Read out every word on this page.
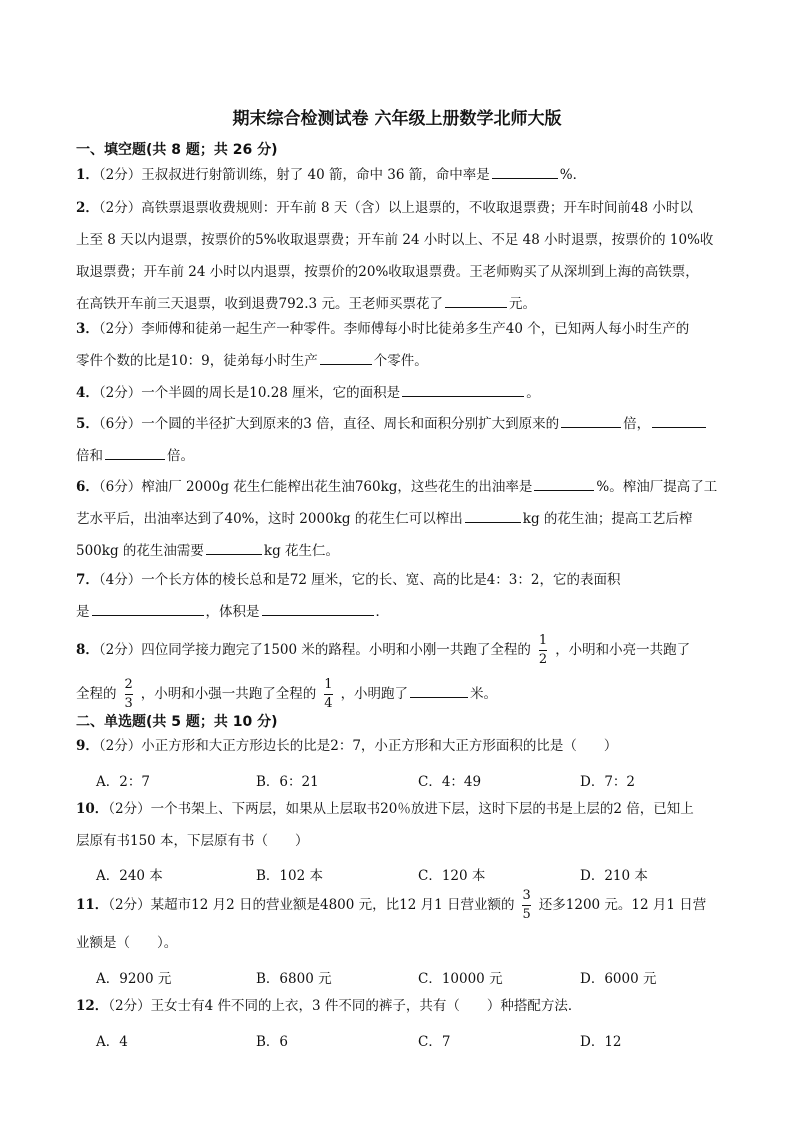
期末综合检测试卷 六年级上册数学北师大版
一、填空题(共 8 题；共 26 分)
1．（2分）王叔叔进行射箭训练，射了 40 箭，命中 36 箭，命中率是	%．
2．（2分）高铁票退票收费规则：开车前 8 天（含）以上退票的，不收取退票费；开车时间前48 小时以
上至 8 天以内退票，按票价的5%收取退票费；开车前 24 小时以上、不足 48 小时退票，按票价的 10%收
取退票费；开车前 24 小时以内退票，按票价的20%收取退票费。王老师购买了从深圳到上海的高铁票，
在高铁开车前三天退票，收到退费792.3 元。王老师买票花了	元。
3．（2分）李师傅和徒弟一起生产一种零件。李师傅每小时比徒弟多生产40 个，已知两人每小时生产的
零件个数的比是10：9，徒弟每小时生产	个零件。
4．（2分）一个半圆的周长是10.28 厘米，它的面积是	。
5．（6分）一个圆的半径扩大到原来的3 倍，直径、周长和面积分别扩大到原来的	倍，
倍和	倍。
6．（6分）榨油厂 2000g 花生仁能榨出花生油760kg，这些花生的出油率是	%。榨油厂提高了工
艺水平后，出油率达到了40%，这时 2000kg 的花生仁可以榨出	kg 的花生油；提高工艺后榨
500kg 的花生油需要	kg 花生仁。
7．（4分）一个长方体的棱长总和是72 厘米，它的长、宽、高的比是4：3：2，它的表面积
是	，体积是	．
8．（2分）四位同学接力跑完了1500 米的路程。小明和小刚一共跑了全程的 $\frac{1}{2}$ ，小明和小亮一共跑了
全程的 $\frac{2}{3}$ ，小明和小强一共跑了全程的 $\frac{1}{4}$ ，小明跑了	米。
二、单选题(共 5 题；共 10 分)
9．（2分）小正方形和大正方形边长的比是2：7，小正方形和大正方形面积的比是（　　）
A．2：7	B．6：21	C．4：49	D．7：2
10．（2分）一个书架上、下两层，如果从上层取书20％放进下层，这时下层的书是上层的2 倍，已知上
层原有书150 本，下层原有书（　　）
A．240 本	B．102 本	C．120 本	D．210 本
11．（2分）某超市12 月2 日的营业额是4800 元，比12 月1 日营业额的 $\frac{3}{5}$ 还多1200 元。12 月1 日营
业额是（　　）。
A．9200 元	B．6800 元	C．10000 元	D．6000 元
12．（2分）王女士有4 件不同的上衣，3 件不同的裤子，共有（　　）种搭配方法．
A．4	B．6	C．7	D．12
